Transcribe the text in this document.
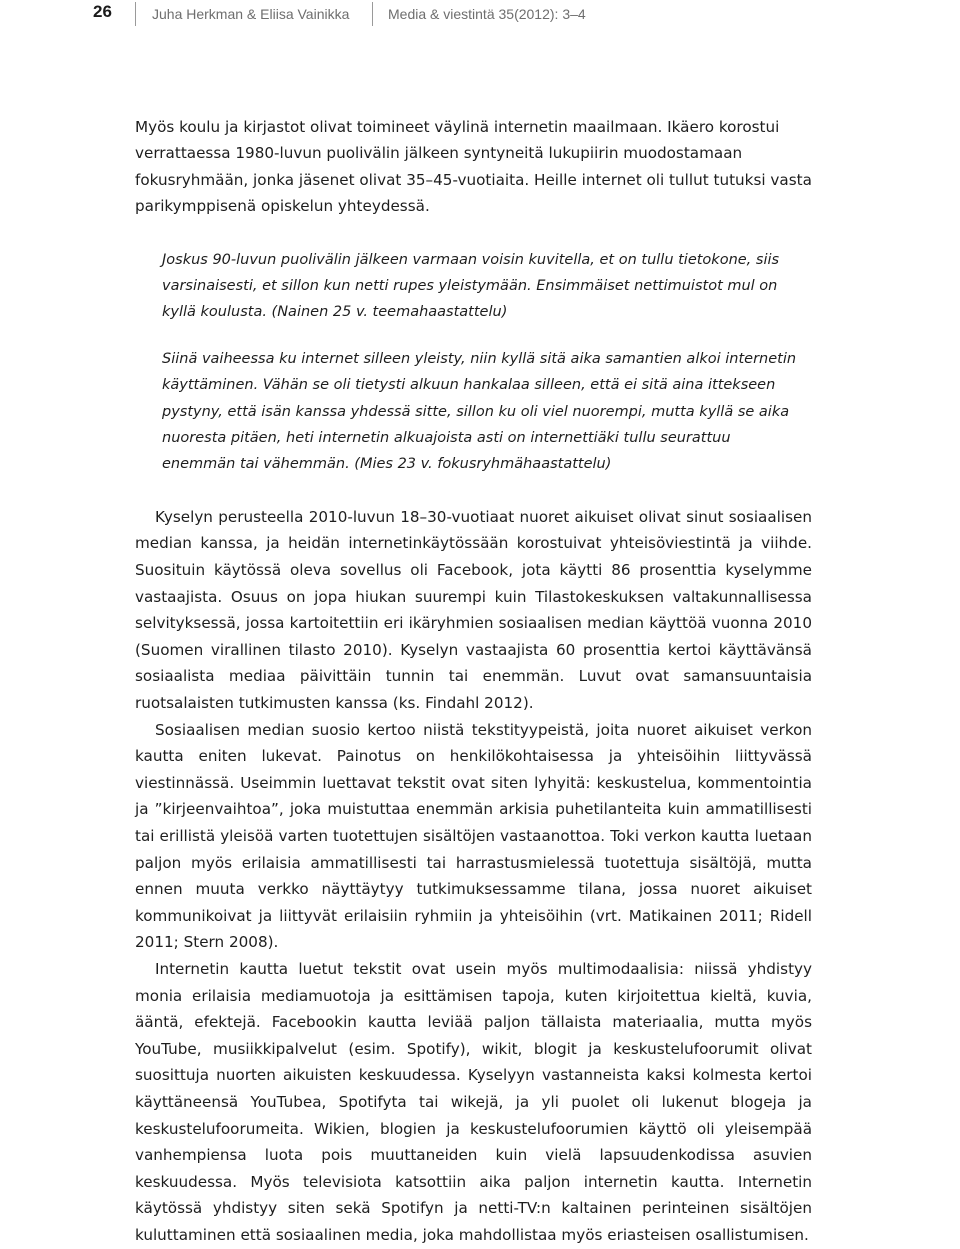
26	Juha Herkman & Eliisa Vainikka	Media & viestintä 35(2012): 3–4

Myös koulu ja kirjastot olivat toimineet väylinä internetin maailmaan. Ikäero korostui verrattaessa 1980-luvun puolivälin jälkeen syntyneitä lukupiirin muodostamaan fokusryhmään, jonka jäsenet olivat 35–45-vuotiaita. Heille internet oli tullut tutuksi vasta parikymppisenä opiskelun yhteydessä.

Joskus 90-luvun puolivälin jälkeen varmaan voisin kuvitella, et on tullu tietokone, siis varsinaisesti, et sillon kun netti rupes yleistymään. Ensimmäiset nettimuistot mul on kyllä koulusta. (Nainen 25 v. teemahaastattelu)

Siinä vaiheessa ku internet silleen yleisty, niin kyllä sitä aika samantien alkoi internetin käyttäminen. Vähän se oli tietysti alkuun hankalaa silleen, että ei sitä aina ittekseen pystyny, että isän kanssa yhdessä sitte, sillon ku oli viel nuorempi, mutta kyllä se aika nuoresta pitäen, heti internetin alkuajoista asti on internettiäki tullu seurattuu enemmän tai vähemmän. (Mies 23 v. fokusryhmähaastattelu)

Kyselyn perusteella 2010-luvun 18–30-vuotiaat nuoret aikuiset olivat sinut sosiaalisen median kanssa, ja heidän internetinkäytössään korostuivat yhteisöviestintä ja viihde. Suosituin käytössä oleva sovellus oli Facebook, jota käytti 86 prosenttia kyselymme vastaajista. Osuus on jopa hiukan suurempi kuin Tilastokeskuksen valtakunnallisessa selvityksessä, jossa kartoitettiin eri ikäryhmien sosiaalisen median käyttöä vuonna 2010 (Suomen virallinen tilasto 2010). Kyselyn vastaajista 60 prosenttia kertoi käyttävänsä sosiaalista mediaa päivittäin tunnin tai enemmän. Luvut ovat samansuuntaisia ruotsalaisten tutkimusten kanssa (ks. Findahl 2012).

Sosiaalisen median suosio kertoo niistä tekstityypeistä, joita nuoret aikuiset verkon kautta eniten lukevat. Painotus on henkilökohtaisessa ja yhteisöihin liittyvässä viestinnässä. Useimmin luettavat tekstit ovat siten lyhyitä: keskustelua, kommentointia ja ”kirjeenvaihtoa”, joka muistuttaa enemmän arkisia puhetilanteita kuin ammatillisesti tai erillistä yleisöä varten tuotettujen sisältöjen vastaanottoa. Toki verkon kautta luetaan paljon myös erilaisia ammatillisesti tai harrastusmielessä tuotettuja sisältöjä, mutta ennen muuta verkko näyttäytyy tutkimuksessamme tilana, jossa nuoret aikuiset kommunikoivat ja liittyvät erilaisiin ryhmiin ja yhteisöihin (vrt. Matikainen 2011; Ridell 2011; Stern 2008).

Internetin kautta luetut tekstit ovat usein myös multimodaalisia: niissä yhdistyy monia erilaisia mediamuotoja ja esittämisen tapoja, kuten kirjoitettua kieltä, kuvia, ääntä, efektejä. Facebookin kautta leviää paljon tällaista materiaalia, mutta myös YouTube, musiikkipalvelut (esim. Spotify), wikit, blogit ja keskustelufoorumit olivat suosittuja nuorten aikuisten keskuudessa. Kyselyyn vastanneista kaksi kolmesta kertoi käyttäneensä YouTubea, Spotifyta tai wikejä, ja yli puolet oli lukenut blogeja ja keskustelufoorumeita. Wikien, blogien ja keskustelufoorumien käyttö oli yleisempää vanhempiensa luota pois muuttaneiden kuin vielä lapsuudenkodissa asuvien keskuudessa. Myös televisiota katsottiin aika paljon internetin kautta. Internetin käytössä yhdistyy siten sekä Spotifyn ja netti-TV:n kaltainen perinteinen sisältöjen kuluttaminen että sosiaalinen media, joka mahdollistaa myös eriasteisen osallistumisen.
